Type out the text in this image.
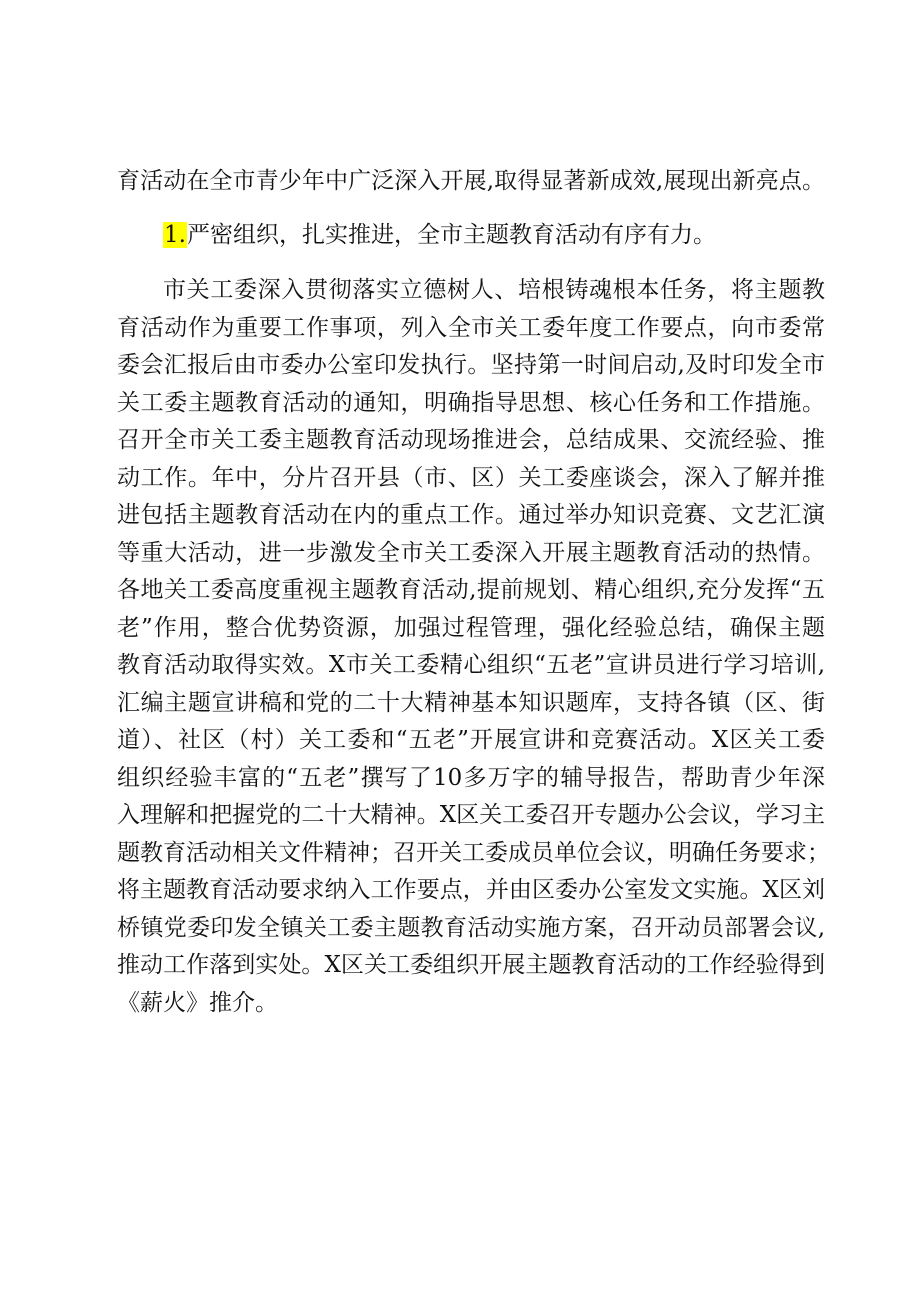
育活动在全市青少年中广泛深入开展,取得显著新成效,展现出新亮点。
1.严密组织，扎实推进，全市主题教育活动有序有力。
市关工委深入贯彻落实立德树人、培根铸魂根本任务，将主题教
育活动作为重要工作事项，列入全市关工委年度工作要点，向市委常
委会汇报后由市委办公室印发执行。坚持第一时间启动,及时印发全市
关工委主题教育活动的通知，明确指导思想、核心任务和工作措施。
召开全市关工委主题教育活动现场推进会，总结成果、交流经验、推
动工作。年中，分片召开县（市、区）关工委座谈会，深入了解并推
进包括主题教育活动在内的重点工作。通过举办知识竞赛、文艺汇演
等重大活动，进一步激发全市关工委深入开展主题教育活动的热情。
各地关工委高度重视主题教育活动,提前规划、精心组织,充分发挥“五
老”作用，整合优势资源，加强过程管理，强化经验总结，确保主题
教育活动取得实效。X市关工委精心组织“五老”宣讲员进行学习培训,
汇编主题宣讲稿和党的二十大精神基本知识题库，支持各镇（区、街
道）、社区（村）关工委和“五老”开展宣讲和竞赛活动。X区关工委
组织经验丰富的“五老”撰写了10多万字的辅导报告，帮助青少年深
入理解和把握党的二十大精神。X区关工委召开专题办公会议，学习主
题教育活动相关文件精神；召开关工委成员单位会议，明确任务要求；
将主题教育活动要求纳入工作要点，并由区委办公室发文实施。X区刘
桥镇党委印发全镇关工委主题教育活动实施方案，召开动员部署会议,
推动工作落到实处。X区关工委组织开展主题教育活动的工作经验得到
《薪火》推介。
